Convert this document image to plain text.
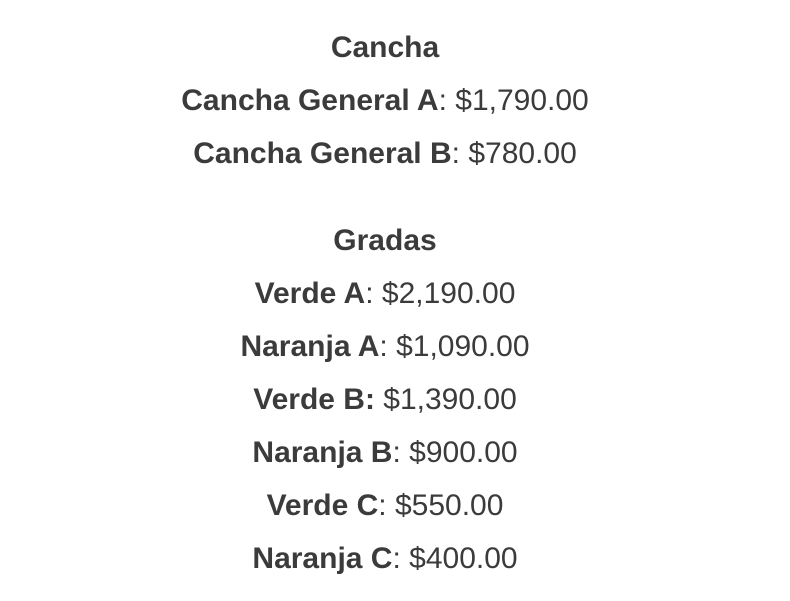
Cancha
Cancha General A: $1,790.00
Cancha General B: $780.00
Gradas
Verde A: $2,190.00
Naranja A: $1,090.00
Verde B: $1,390.00
Naranja B: $900.00
Verde C: $550.00
Naranja C: $400.00
